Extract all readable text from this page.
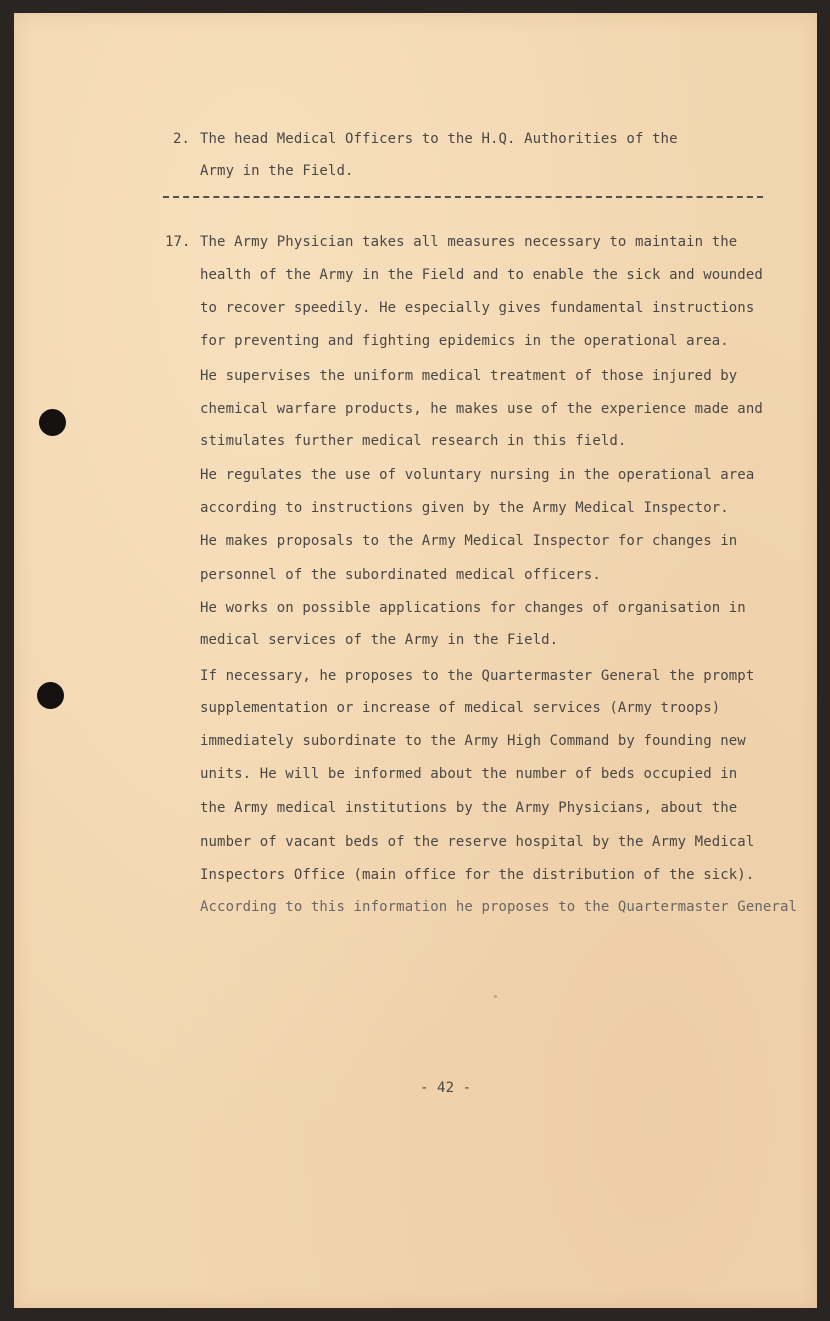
2. The head Medical Officers to the H.Q. Authorities of the
Army in the Field.
17. The Army Physician takes all measures necessary to maintain the
health of the Army in the Field and to enable the sick and wounded
to recover speedily. He especially gives fundamental instructions
for preventing and fighting epidemics in the operational area.
He supervises the uniform medical treatment of those injured by
chemical warfare products, he makes use of the experience made and
stimulates further medical research in this field.
He regulates the use of voluntary nursing in the operational area
according to instructions given by the Army Medical Inspector.
He makes proposals to the Army Medical Inspector for changes in
personnel of the subordinated medical officers.
He works on possible applications for changes of organisation in
medical services of the Army in the Field.
If necessary, he proposes to the Quartermaster General the prompt
supplementation or increase of medical services (Army troops)
immediately subordinate to the Army High Command by founding new
units. He will be informed about the number of beds occupied in
the Army medical institutions by the Army Physicians, about the
number of vacant beds of the reserve hospital by the Army Medical
Inspectors Office (main office for the distribution of the sick).
According to this information he proposes to the Quartermaster General
- 42 -
